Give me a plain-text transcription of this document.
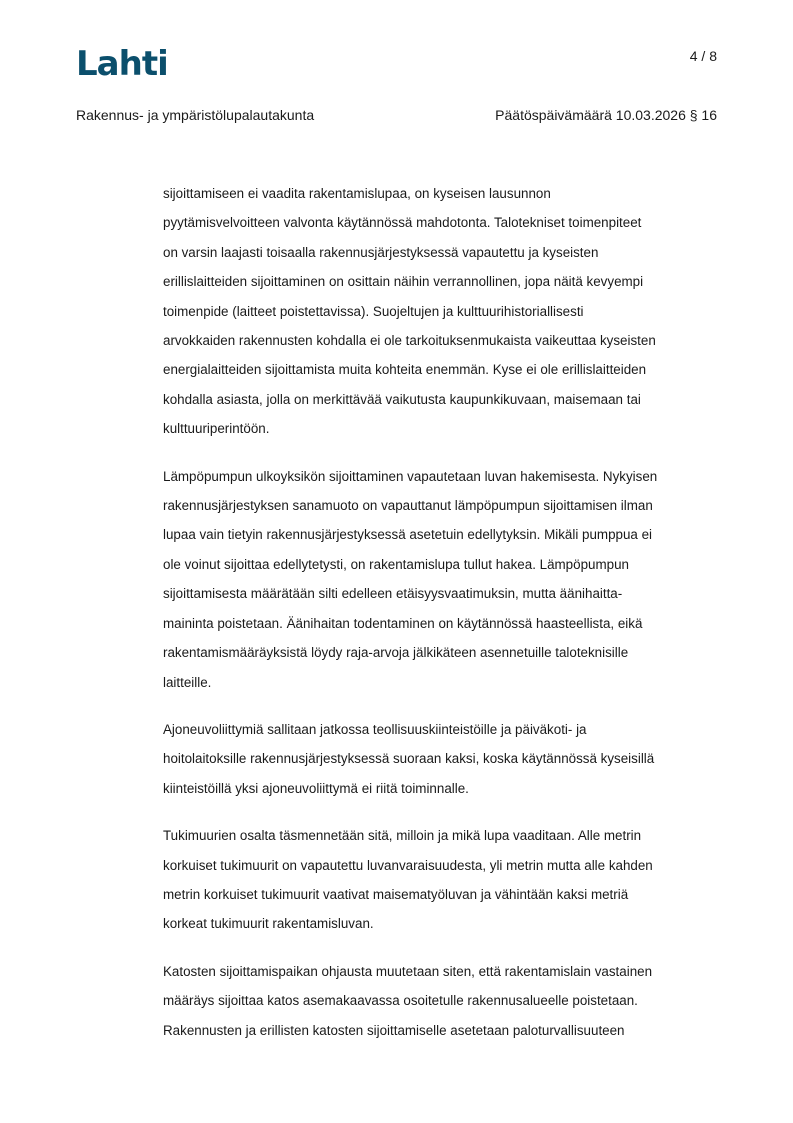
Lahti	4 / 8
Rakennus- ja ympäristölupalautakunta	Päätöspäivämäärä 10.03.2026 § 16

sijoittamiseen ei vaadita rakentamislupaa, on kyseisen lausunnon
pyytämisvelvoitteen valvonta käytännössä mahdotonta. Talotekniset toimenpiteet
on varsin laajasti toisaalla rakennusjärjestyksessä vapautettu ja kyseisten
erillislaitteiden sijoittaminen on osittain näihin verrannollinen, jopa näitä kevyempi
toimenpide (laitteet poistettavissa). Suojeltujen ja kulttuurihistoriallisesti
arvokkaiden rakennusten kohdalla ei ole tarkoituksenmukaista vaikeuttaa kyseisten
energialaitteiden sijoittamista muita kohteita enemmän. Kyse ei ole erillislaitteiden
kohdalla asiasta, jolla on merkittävää vaikutusta kaupunkikuvaan, maisemaan tai
kulttuuriperintöön.

Lämpöpumpun ulkoyksikön sijoittaminen vapautetaan luvan hakemisesta. Nykyisen
rakennusjärjestyksen sanamuoto on vapauttanut lämpöpumpun sijoittamisen ilman
lupaa vain tietyin rakennusjärjestyksessä asetetuin edellytyksin. Mikäli pumppua ei
ole voinut sijoittaa edellytetysti, on rakentamislupa tullut hakea. Lämpöpumpun
sijoittamisesta määrätään silti edelleen etäisyysvaatimuksin, mutta äänihaitta-
maininta poistetaan. Äänihaitan todentaminen on käytännössä haasteellista, eikä
rakentamismääräyksistä löydy raja-arvoja jälkikäteen asennetuille taloteknisille
laitteille.

Ajoneuvoliittymiä sallitaan jatkossa teollisuuskiinteistöille ja päiväkoti- ja
hoitolaitoksille rakennusjärjestyksessä suoraan kaksi, koska käytännössä kyseisillä
kiinteistöillä yksi ajoneuvoliittymä ei riitä toiminnalle.

Tukimuurien osalta täsmennetään sitä, milloin ja mikä lupa vaaditaan. Alle metrin
korkuiset tukimuurit on vapautettu luvanvaraisuudesta, yli metrin mutta alle kahden
metrin korkuiset tukimuurit vaativat maisematyöluvan ja vähintään kaksi metriä
korkeat tukimuurit rakentamisluvan.

Katosten sijoittamispaikan ohjausta muutetaan siten, että rakentamislain vastainen
määräys sijoittaa katos asemakaavassa osoitetulle rakennusalueelle poistetaan.
Rakennusten ja erillisten katosten sijoittamiselle asetetaan paloturvallisuuteen
